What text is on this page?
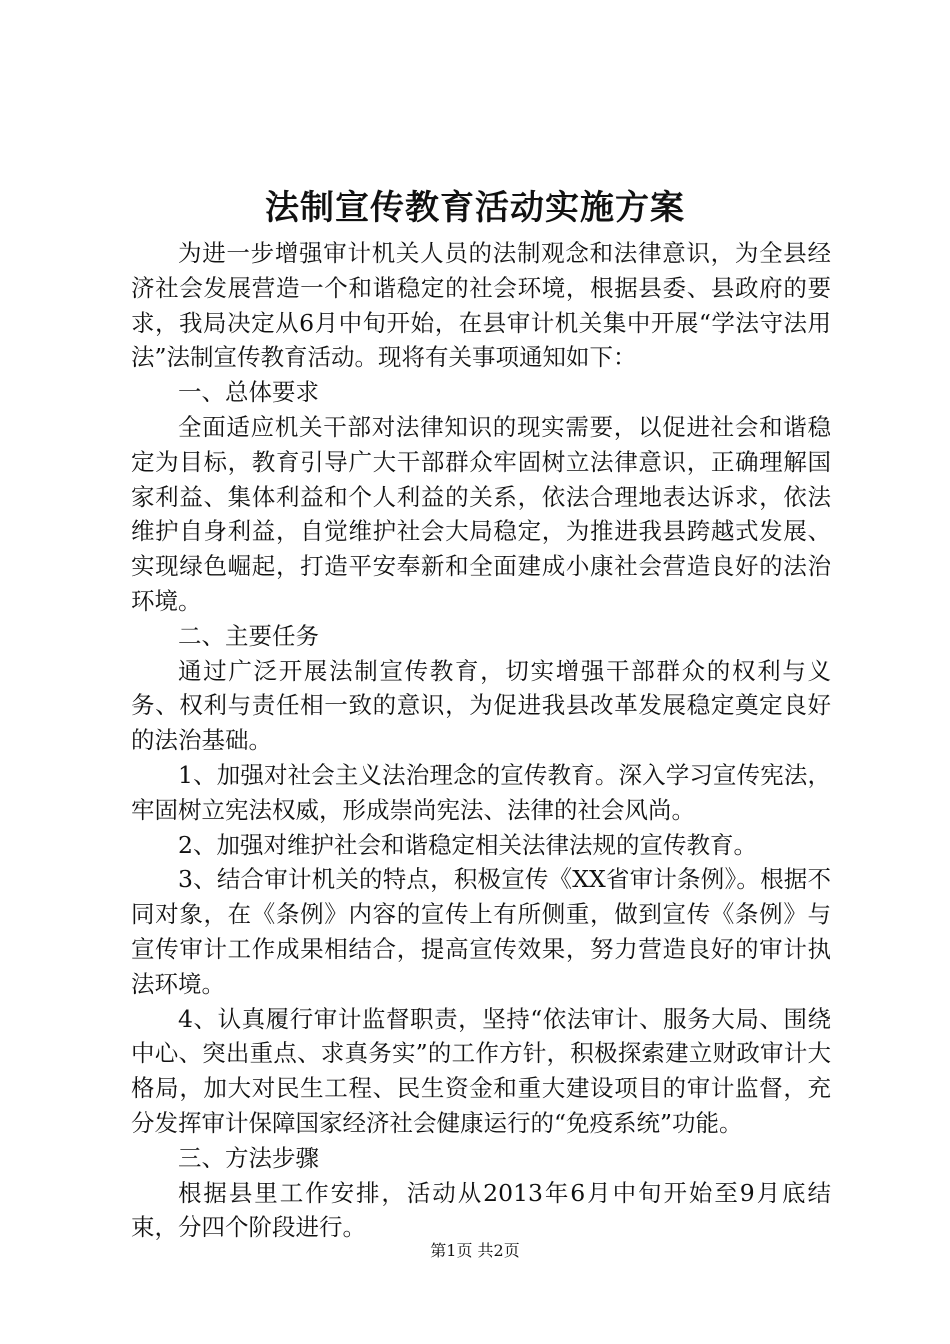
法制宣传教育活动实施方案

为进一步增强审计机关人员的法制观念和法律意识，为全县经济社会发展营造一个和谐稳定的社会环境，根据县委、县政府的要求，我局决定从6月中旬开始，在县审计机关集中开展“学法守法用法”法制宣传教育活动。现将有关事项通知如下：

一、总体要求

全面适应机关干部对法律知识的现实需要，以促进社会和谐稳定为目标，教育引导广大干部群众牢固树立法律意识，正确理解国家利益、集体利益和个人利益的关系，依法合理地表达诉求，依法维护自身利益，自觉维护社会大局稳定，为推进我县跨越式发展、实现绿色崛起，打造平安奉新和全面建成小康社会营造良好的法治环境。

二、主要任务

通过广泛开展法制宣传教育，切实增强干部群众的权利与义务、权利与责任相一致的意识，为促进我县改革发展稳定奠定良好的法治基础。

1、加强对社会主义法治理念的宣传教育。深入学习宣传宪法，牢固树立宪法权威，形成崇尚宪法、法律的社会风尚。

2、加强对维护社会和谐稳定相关法律法规的宣传教育。

3、结合审计机关的特点，积极宣传《XX省审计条例》。根据不同对象，在《条例》内容的宣传上有所侧重，做到宣传《条例》与宣传审计工作成果相结合，提高宣传效果，努力营造良好的审计执法环境。

4、认真履行审计监督职责，坚持“依法审计、服务大局、围绕中心、突出重点、求真务实”的工作方针，积极探索建立财政审计大格局，加大对民生工程、民生资金和重大建设项目的审计监督，充分发挥审计保障国家经济社会健康运行的“免疫系统”功能。

三、方法步骤

根据县里工作安排，活动从2013年6月中旬开始至9月底结束，分四个阶段进行。

第1页 共2页
